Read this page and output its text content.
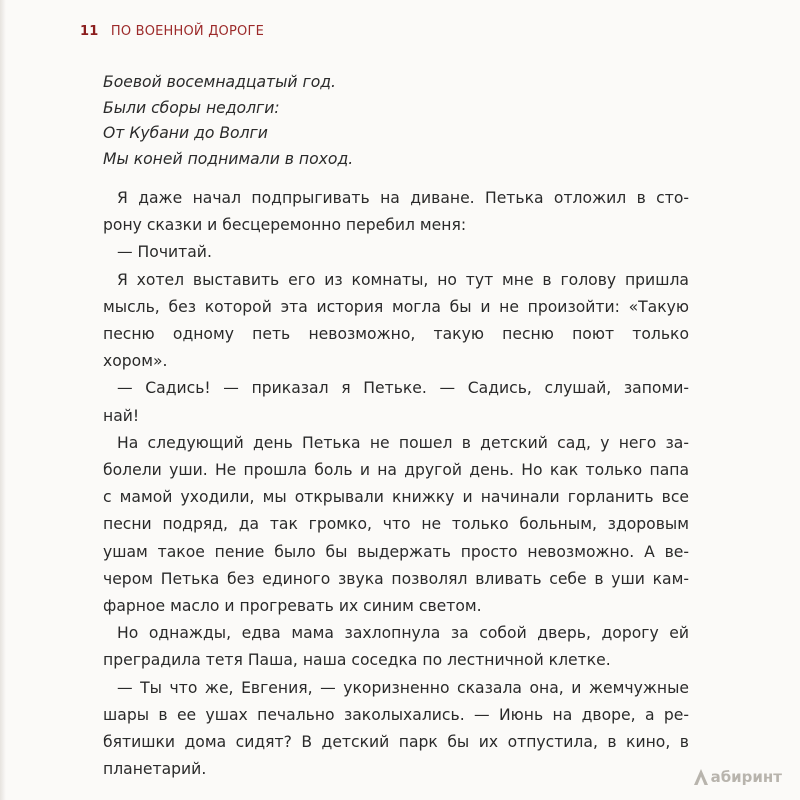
11 ПО ВОЕННОЙ ДОРОГЕ
Боевой восемнадцатый год.
Были сборы недолги:
От Кубани до Волги
Мы коней поднимали в поход.
Я даже начал подпрыгивать на диване. Петька отложил в сто-
рону сказки и бесцеремонно перебил меня:
— Почитай.
Я хотел выставить его из комнаты, но тут мне в голову пришла
мысль, без которой эта история могла бы и не произойти: «Такую
песню одному петь невозможно, такую песню поют только
хором».
— Садись! — приказал я Петьке. — Садись, слушай, запоми-
най!
На следующий день Петька не пошел в детский сад, у него за-
болели уши. Не прошла боль и на другой день. Но как только папа
с мамой уходили, мы открывали книжку и начинали горланить все
песни подряд, да так громко, что не только больным, здоровым
ушам такое пение было бы выдержать просто невозможно. А ве-
чером Петька без единого звука позволял вливать себе в уши кам-
фарное масло и прогревать их синим светом.
Но однажды, едва мама захлопнула за собой дверь, дорогу ей
преградила тетя Паша, наша соседка по лестничной клетке.
— Ты что же, Евгения, — укоризненно сказала она, и жемчужные
шары в ее ушах печально заколыхались. — Июнь на дворе, а ре-
бятишки дома сидят? В детский парк бы их отпустила, в кино, в
планетарий.	абиринт
